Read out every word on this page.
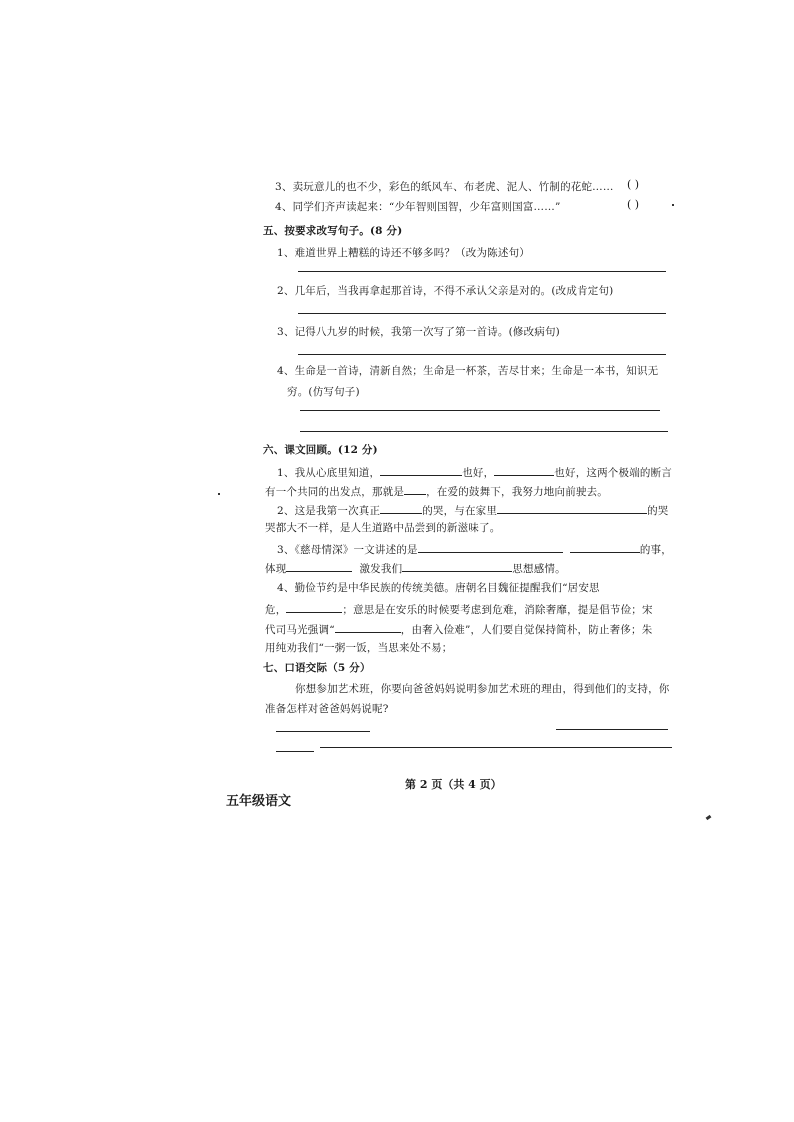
3、卖玩意儿的也不少，彩色的纸风车、布老虎、泥人、竹制的花蛇…… ( )
4、同学们齐声读起来：“少年智则国智，少年富则国富……”	( )
五、按要求改写句子。(8 分)
1、难道世界上糟糕的诗还不够多吗？（改为陈述句）
2、几年后，当我再拿起那首诗，不得不承认父亲是对的。(改成肯定句)
3、记得八九岁的时候，我第一次写了第一首诗。(修改病句)
4、生命是一首诗，清新自然；生命是一杯茶，苦尽甘来；生命是一本书，知识无
穷。(仿写句子)
六、课文回顾。(12 分)
1、我从心底里知道，	也好，	也好，这两个极端的断言
有一个共同的出发点，那就是 ，在爱的鼓舞下，我努力地向前驶去。
2、这是我第一次真正	的哭，与在家里	的哭
哭都大不一样，是人生道路中品尝到的新滋味了。
3、《慈母情深》一文讲述的是	的事，
体现	激发我们	思想感情。
4、勤俭节约是中华民族的传统美德。唐朝名目魏征提醒我们“居安思
危，	；意思是在安乐的时候要考虑到危难，消除奢靡，提是倡节俭；宋
代司马光强调“	，由奢入俭难”，人们要自觉保持简朴，防止奢侈；朱
用纯劝我们“一粥一饭，当思来处不易；
七、口语交际（5 分）
你想参加艺术班，你要向爸爸妈妈说明参加艺术班的理由，得到他们的支持，你
准备怎样对爸爸妈妈说呢?
第 2 页（共 4 页）
五年级语文
